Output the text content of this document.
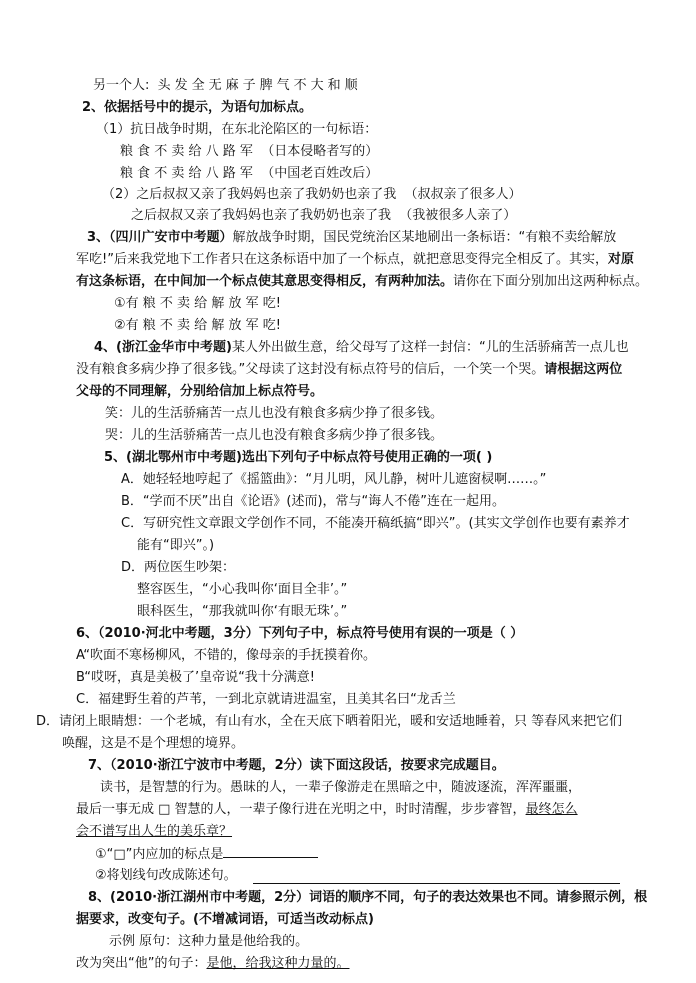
另一个人: 头发全无麻子脾气不大和顺
2、依据括号中的提示，为语句加标点。
（1）抗日战争时期，在东北沦陷区的一句标语：
粮 食 不 卖 给 八 路 军 （日本侵略者写的）
粮 食 不 卖 给 八 路 军 （中国老百姓改后）
（2）之后叔叔又亲了我妈妈也亲了我奶奶也亲了我 （叔叔亲了很多人）
之后叔叔又亲了我妈妈也亲了我奶奶也亲了我 （我被很多人亲了）
3、（四川广安市中考题）解放战争时期，国民党统治区某地刷出一条标语：“有粮不卖给解放
军吃!”后来我党地下工作者只在这条标语中加了一个标点，就把意思变得完全相反了。其实，对原
有这条标语，在中间加一个标点使其意思变得相反，有两种加法。请你在下面分别加出这两种标点。
①有 粮 不 卖 给 解 放 军 吃!
②有 粮 不 卖 给 解 放 军 吃!
4、(浙江金华市中考题)某人外出做生意，给父母写了这样一封信：“儿的生活骄痛苦一点儿也
没有粮食多病少挣了很多钱。”父母读了这封没有标点符号的信后，一个笑一个哭。请根据这两位
父母的不同理解，分别给信加上标点符号。
笑：儿的生活骄痛苦一点儿也没有粮食多病少挣了很多钱。
哭：儿的生活骄痛苦一点儿也没有粮食多病少挣了很多钱。
5、(湖北鄂州市中考题)选出下列句子中标点符号使用正确的一项( )
A．她轻轻地哼起了《摇篮曲》：“月儿明，风儿静，树叶儿遮窗棂啊……。”
B．“学而不厌”出自《论语》(述而)，常与“诲人不倦”连在一起用。
C．写研究性文章跟文学创作不同，不能凑开稿纸搞“即兴”。(其实文学创作也要有素养才
能有“即兴”。)
D．两位医生吵架：
整容医生，“小心我叫你‘面目全非’。”
眼科医生，“那我就叫你‘有眼无珠’。”
6、（2010·河北中考题，3分）下列句子中，标点符号使用有误的一项是（ ）
A“吹面不寒杨柳风，不错的，像母亲的手抚摸着你。
B“哎呀，真是美极了’皇帝说“我十分满意!
C．福建野生着的芦苇，一到北京就请进温室，且美其名曰“龙舌兰
D．请闭上眼睛想：一个老城，有山有水，全在天底下晒着阳光，暖和安适地睡着，只 等春风来把它们
唤醒，这是不是个理想的境界。
7、（2010·浙江宁波市中考题，2分）读下面这段话，按要求完成题目。
读书，是智慧的行为。愚昧的人，一辈子像游走在黑暗之中，随波逐流，浑浑噩噩，
最后一事无成 □ 智慧的人，一辈子像行进在光明之中，时时清醒，步步睿智，最终怎么
会不谱写出人生的美乐章？
①“□”内应加的标点是
②将划线句改成陈述句。
8、(2010·浙江湖州市中考题，2分）词语的顺序不同，句子的表达效果也不同。请参照示例，根
据要求，改变句子。(不增减词语，可适当改动标点)
示例 原句：这种力量是他给我的。
改为突出“他”的句子：是他，给我这种力量的。
